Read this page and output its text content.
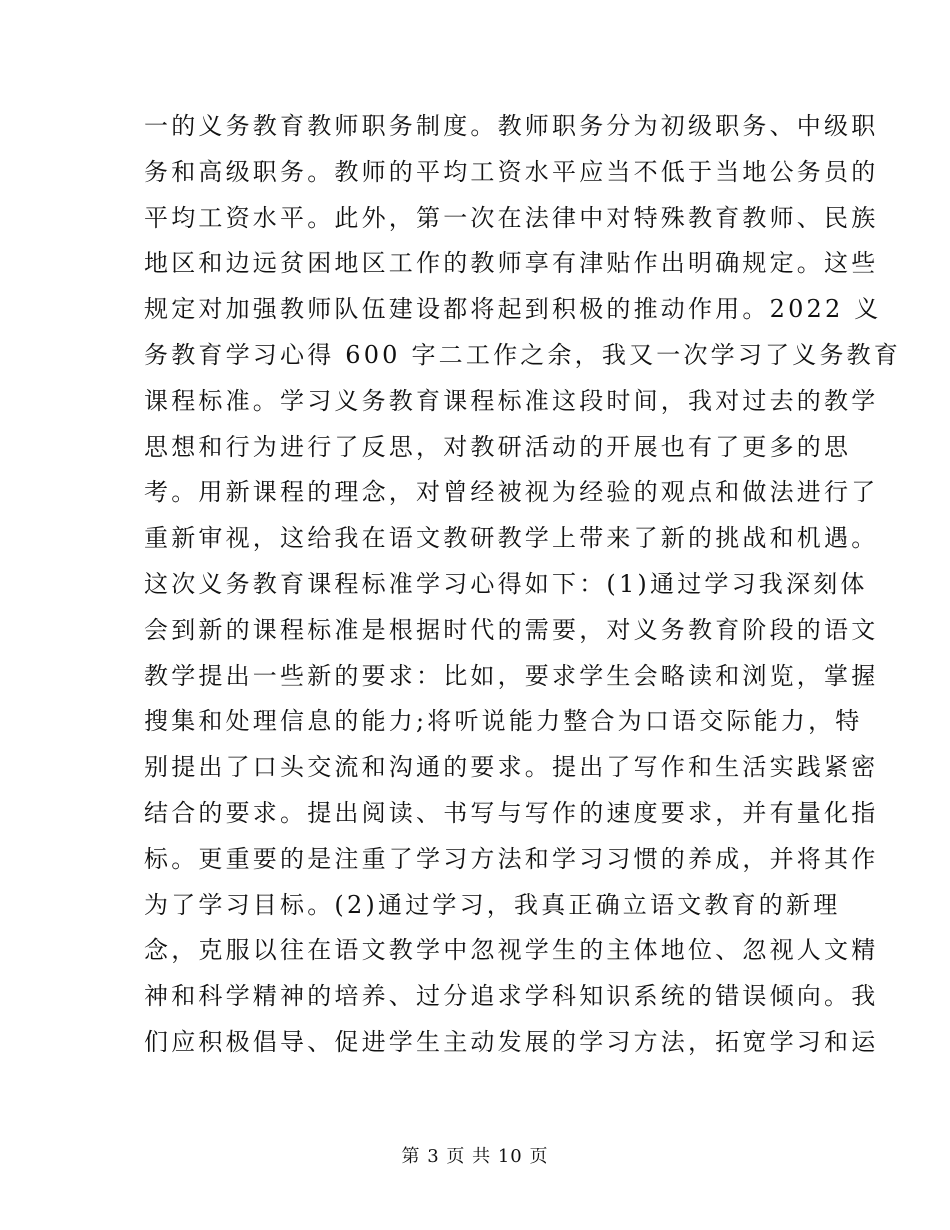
一的义务教育教师职务制度。教师职务分为初级职务、中级职
务和高级职务。教师的平均工资水平应当不低于当地公务员的
平均工资水平。此外，第一次在法律中对特殊教育教师、民族
地区和边远贫困地区工作的教师享有津贴作出明确规定。这些
规定对加强教师队伍建设都将起到积极的推动作用。2022 义
务教育学习心得 600 字二工作之余，我又一次学习了义务教育
课程标准。学习义务教育课程标准这段时间，我对过去的教学
思想和行为进行了反思，对教研活动的开展也有了更多的思
考。用新课程的理念，对曾经被视为经验的观点和做法进行了
重新审视，这给我在语文教研教学上带来了新的挑战和机遇。
这次义务教育课程标准学习心得如下：(1)通过学习我深刻体
会到新的课程标准是根据时代的需要，对义务教育阶段的语文
教学提出一些新的要求：比如，要求学生会略读和浏览，掌握
搜集和处理信息的能力;将听说能力整合为口语交际能力，特
别提出了口头交流和沟通的要求。提出了写作和生活实践紧密
结合的要求。提出阅读、书写与写作的速度要求，并有量化指
标。更重要的是注重了学习方法和学习习惯的养成，并将其作
为了学习目标。(2)通过学习，我真正确立语文教育的新理
念，克服以往在语文教学中忽视学生的主体地位、忽视人文精
神和科学精神的培养、过分追求学科知识系统的错误倾向。我
们应积极倡导、促进学生主动发展的学习方法，拓宽学习和运
第 3 页 共 10 页
